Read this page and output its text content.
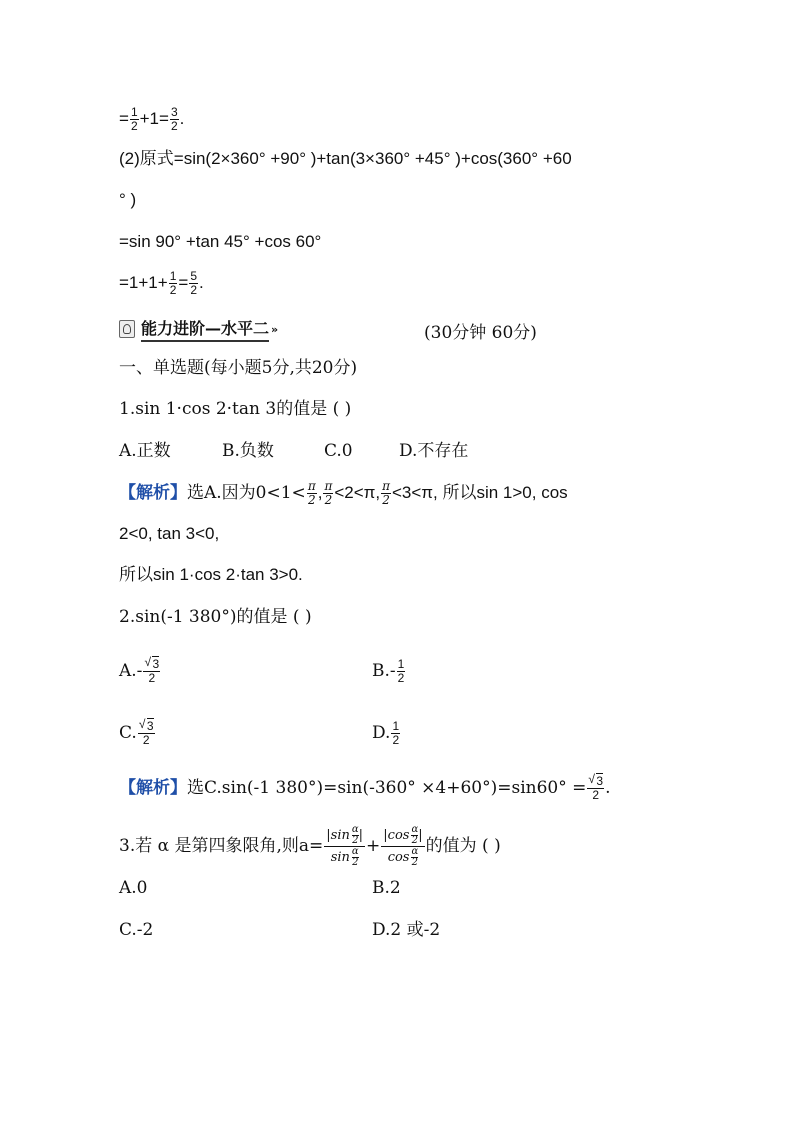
= $\frac{1}{2} +1= \frac{3}{2}$ .
(2)原式=sin(2×360° +90° )+tan(3×360° +45° )+cos(360° +60
° )
=sin 90° +tan 45° +cos 60°
$=1+1+ \frac{1}{2} = \frac{5}{2}$ .
能力进阶—水平二 »	(30分钟 60分)
一、单选题(每小题5分,共20分)
1.sin 1·cos 2·tan 3的值是 ( )
A.正数	B.负数	C.0	D.不存在
【解析】选A.因为$0<1< \frac{\pi}{2}$ , $\frac{\pi}{2} <2<\pi$, $\frac{\pi}{2} <3<\pi$, 所以sin 1>0, cos
2<0, tan 3<0,
所以sin 1·cos 2·tan 3>0.
2.sin(-1 380°)的值是 ( )
A.- √ $\frac{3}{2}$	$B.- \frac{1}{2}$
C. √ $\frac{3}{2}$	D. $\frac{1}{2}$
【解析】选C.sin(-1 380°)=sin(-360° ×4+60°)=sin60° = √ $\frac{3}{2}$ .
3.若 α 是第四象限角,则$a= \frac{|\sin \frac{\alpha}{2} |}{\sin \frac{\alpha}{2}} + \frac{|\cos \frac{\alpha}{2} |}{\cos \frac{\alpha}{2}}$ 的值为 ( )
A.0	B.2
C.-2	D.2 或-2
